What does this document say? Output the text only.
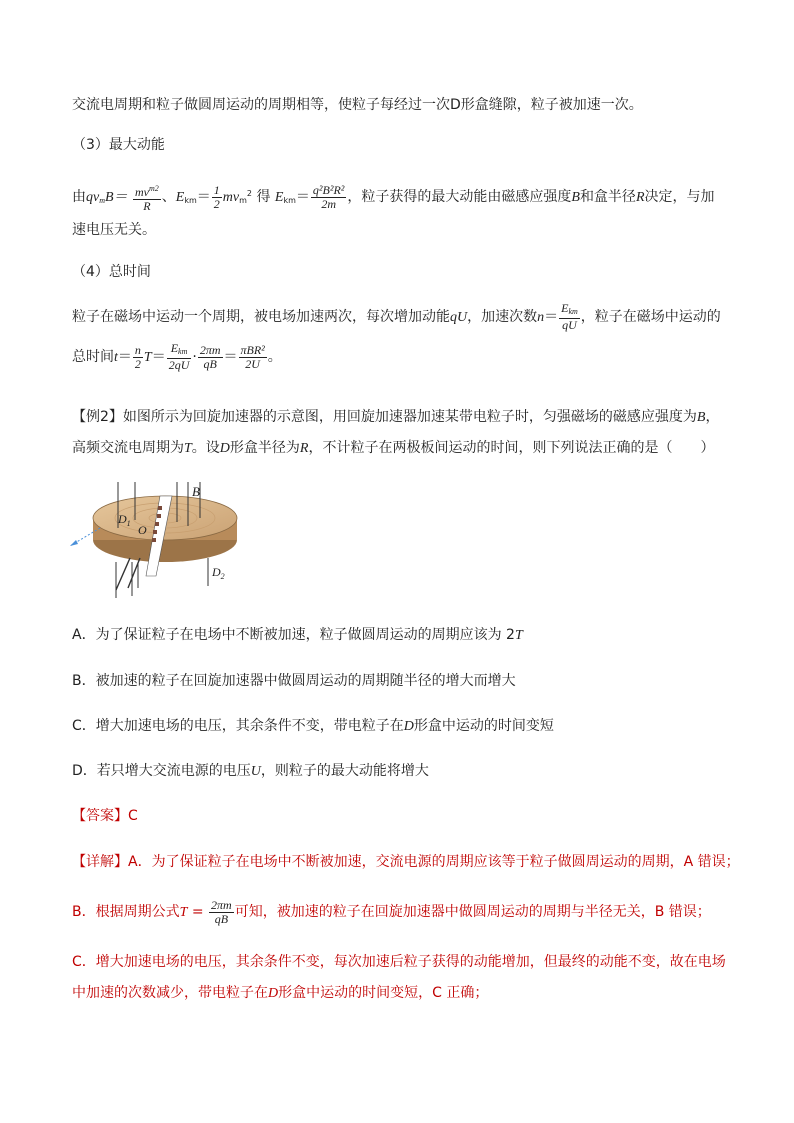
交流电周期和粒子做圆周运动的周期相等，使粒子每经过一次D形盒缝隙，粒子被加速一次。
（3）最大动能
由$qv_mB= \frac{mv^{m2}}{R}$ 、$E_{km}= \frac{1}{2} mv_m^2$ 得 $E_{km}= \frac{\text{q²B²R²}}{2m}$ ，粒子获得的最大动能由磁感应强度B和盒半径R决定，与加
速电压无关。
（4）总时间
粒子在磁场中运动一个周期，被电场加速两次，每次增加动能qU，加速次数$n= \frac{E_{km}}{qU}$ ，粒子在磁场中运动的
总时间$t= \frac{n}{2} T= \frac{E_{km}}{2qU} \cdot \frac{2\pi m}{qB} = \frac{\text{πBR²}}{2U}$ 。
【例2】如图所示为回旋加速器的示意图，用回旋加速器加速某带电粒子时，匀强磁场的磁感应强度为B，
高频交流电周期为T。设D形盒半径为R，不计粒子在两极板间运动的时间，则下列说法正确的是（　　）
B
$D_1$ O
$D_2$
A．为了保证粒子在电场中不断被加速，粒子做圆周运动的周期应该为 2T
B．被加速的粒子在回旋加速器中做圆周运动的周期随半径的增大而增大
C．增大加速电场的电压，其余条件不变，带电粒子在D形盒中运动的时间变短
D．若只增大交流电源的电压U，则粒子的最大动能将增大
【答案】C
【详解】A．为了保证粒子在电场中不断被加速，交流电源的周期应该等于粒子做圆周运动的周期，A 错误；
B．根据周期公式$T = \frac{2\pi m}{qB}$ 可知，被加速的粒子在回旋加速器中做圆周运动的周期与半径无关，B 错误；
C．增大加速电场的电压，其余条件不变，每次加速后粒子获得的动能增加，但最终的动能不变，故在电场
中加速的次数减少，带电粒子在D形盒中运动的时间变短，C 正确；
